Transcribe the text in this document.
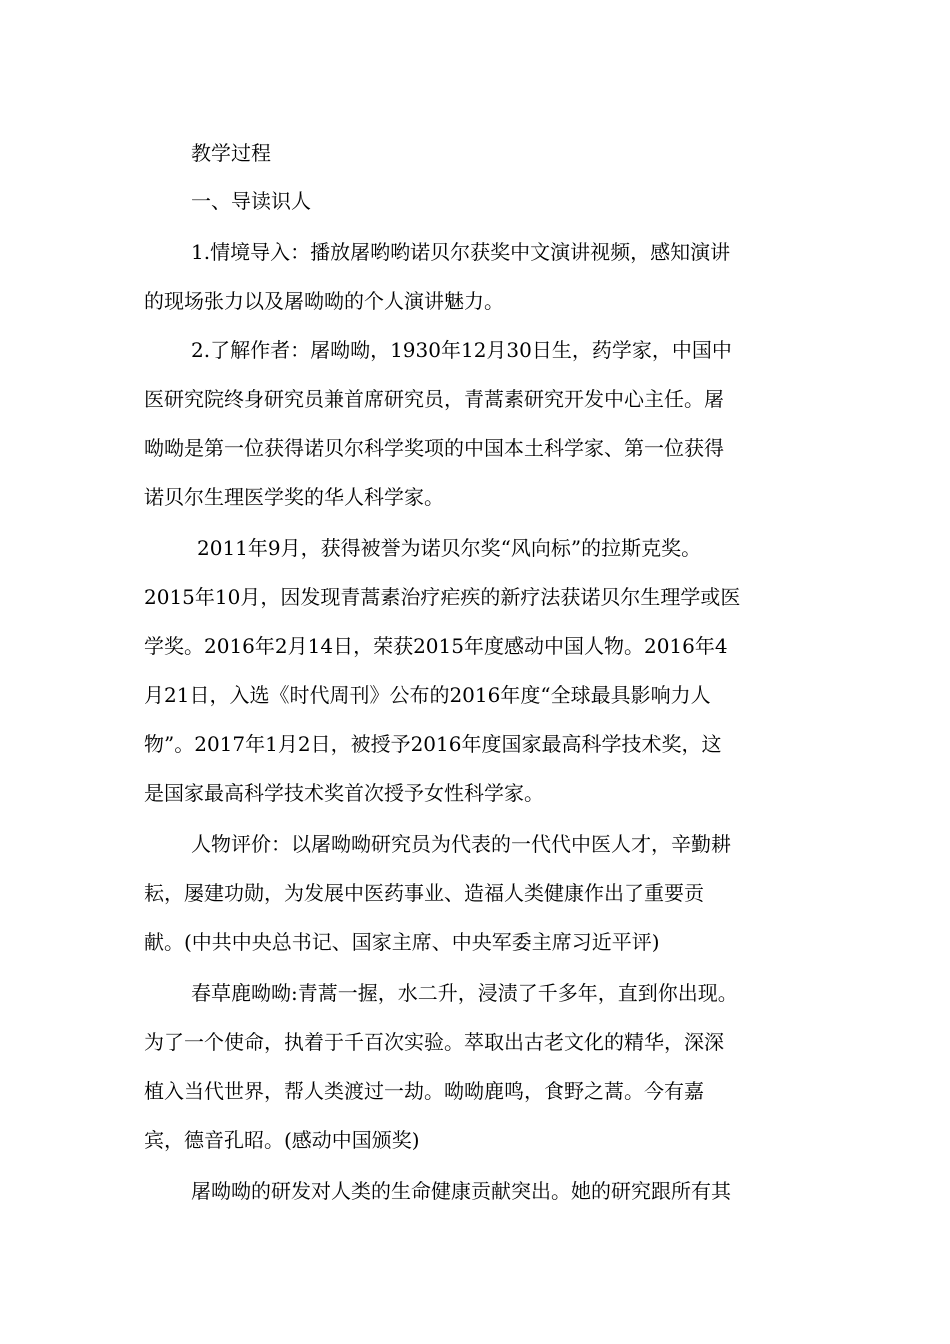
教学过程
一、导读识人
1.情境导入：播放屠哟哟诺贝尔获奖中文演讲视频，感知演讲
的现场张力以及屠呦呦的个人演讲魅力。
2.了解作者：屠呦呦，1930年12月30日生，药学家，中国中
医研究院终身研究员兼首席研究员，青蒿素研究开发中心主任。屠
呦呦是第一位获得诺贝尔科学奖项的中国本土科学家、第一位获得
诺贝尔生理医学奖的华人科学家。
2011年9月，获得被誉为诺贝尔奖“风向标”的拉斯克奖。
2015年10月，因发现青蒿素治疗疟疾的新疗法获诺贝尔生理学或医
学奖。2016年2月14日，荣获2015年度感动中国人物。2016年4
月21日，入选《时代周刊》公布的2016年度“全球最具影响力人
物”。2017年1月2日，被授予2016年度国家最高科学技术奖，这
是国家最高科学技术奖首次授予女性科学家。
人物评价：以屠呦呦研究员为代表的一代代中医人才，辛勤耕
耘，屡建功勋，为发展中医药事业、造福人类健康作出了重要贡
献。(中共中央总书记、国家主席、中央军委主席习近平评)
春草鹿呦呦:青蒿一握，水二升，浸渍了千多年，直到你出现。
为了一个使命，执着于千百次实验。萃取出古老文化的精华，深深
植入当代世界，帮人类渡过一劫。呦呦鹿鸣，食野之蒿。今有嘉
宾，德音孔昭。(感动中国颁奖)
屠呦呦的研发对人类的生命健康贡献突出。她的研究跟所有其
